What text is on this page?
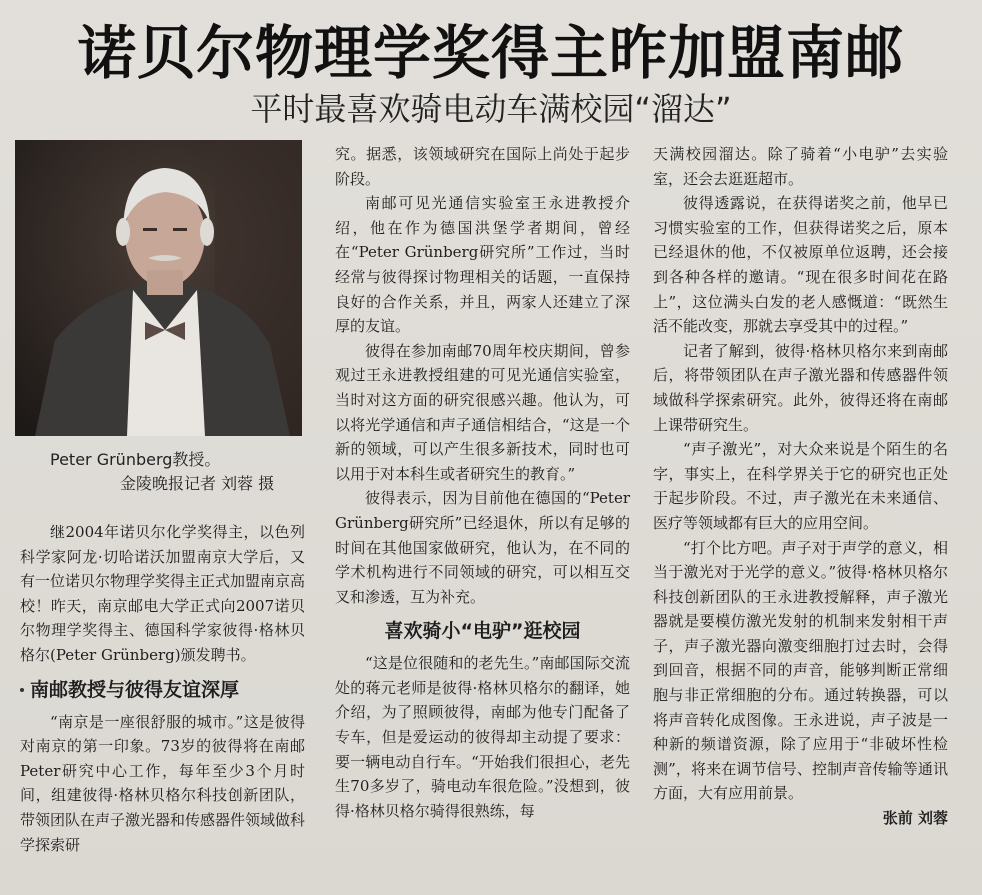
诺贝尔物理学奖得主昨加盟南邮
平时最喜欢骑电动车满校园“溜达”
Peter Grünberg教授。
金陵晚报记者 刘蓉 摄

继2004年诺贝尔化学奖得主，以色列科学家阿龙·切哈诺沃加盟南京大学后，又有一位诺贝尔物理学奖得主正式加盟南京高校！昨天，南京邮电大学正式向2007诺贝尔物理学奖得主、德国科学家彼得·格林贝格尔(Peter Grünberg)颁发聘书。

南邮教授与彼得友谊深厚

“南京是一座很舒服的城市。”这是彼得对南京的第一印象。73岁的彼得将在南邮Peter研究中心工作，每年至少3个月时间，组建彼得·格林贝格尔科技创新团队，带领团队在声子激光器和传感器件领域做科学探索研

究。据悉，该领域研究在国际上尚处于起步阶段。

南邮可见光通信实验室王永进教授介绍，他在作为德国洪堡学者期间，曾经在“Peter Grünberg研究所”工作过，当时经常与彼得探讨物理相关的话题，一直保持良好的合作关系，并且，两家人还建立了深厚的友谊。

彼得在参加南邮70周年校庆期间，曾参观过王永进教授组建的可见光通信实验室，当时对这方面的研究很感兴趣。他认为，可以将光学通信和声子通信相结合，“这是一个新的领域，可以产生很多新技术，同时也可以用于对本科生或者研究生的教育。”

彼得表示，因为目前他在德国的“Peter Grünberg研究所”已经退休，所以有足够的时间在其他国家做研究，他认为，在不同的学术机构进行不同领域的研究，可以相互交叉和渗透，互为补充。

喜欢骑小“电驴”逛校园

“这是位很随和的老先生。”南邮国际交流处的蒋元老师是彼得·格林贝格尔的翻译，她介绍，为了照顾彼得，南邮为他专门配备了专车，但是爱运动的彼得却主动提了要求：要一辆电动自行车。“开始我们很担心，老先生70多岁了，骑电动车很危险。”没想到，彼得·格林贝格尔骑得很熟练，每

天满校园溜达。除了骑着“小电驴”去实验室，还会去逛逛超市。

彼得透露说，在获得诺奖之前，他早已习惯实验室的工作，但获得诺奖之后，原本已经退休的他，不仅被原单位返聘，还会接到各种各样的邀请。“现在很多时间花在路上”，这位满头白发的老人感慨道：“既然生活不能改变，那就去享受其中的过程。”

记者了解到，彼得·格林贝格尔来到南邮后，将带领团队在声子激光器和传感器件领域做科学探索研究。此外，彼得还将在南邮上课带研究生。

“声子激光”，对大众来说是个陌生的名字，事实上，在科学界关于它的研究也正处于起步阶段。不过，声子激光在未来通信、医疗等领域都有巨大的应用空间。

“打个比方吧。声子对于声学的意义，相当于激光对于光学的意义。”彼得·格林贝格尔科技创新团队的王永进教授解释，声子激光器就是要模仿激光发射的机制来发射相干声子，声子激光器向激变细胞打过去时，会得到回音，根据不同的声音，能够判断正常细胞与非正常细胞的分布。通过转换器，可以将声音转化成图像。王永进说，声子波是一种新的频谱资源，除了应用于“非破坏性检测”，将来在调节信号、控制声音传输等通讯方面，大有应用前景。

张前 刘蓉
